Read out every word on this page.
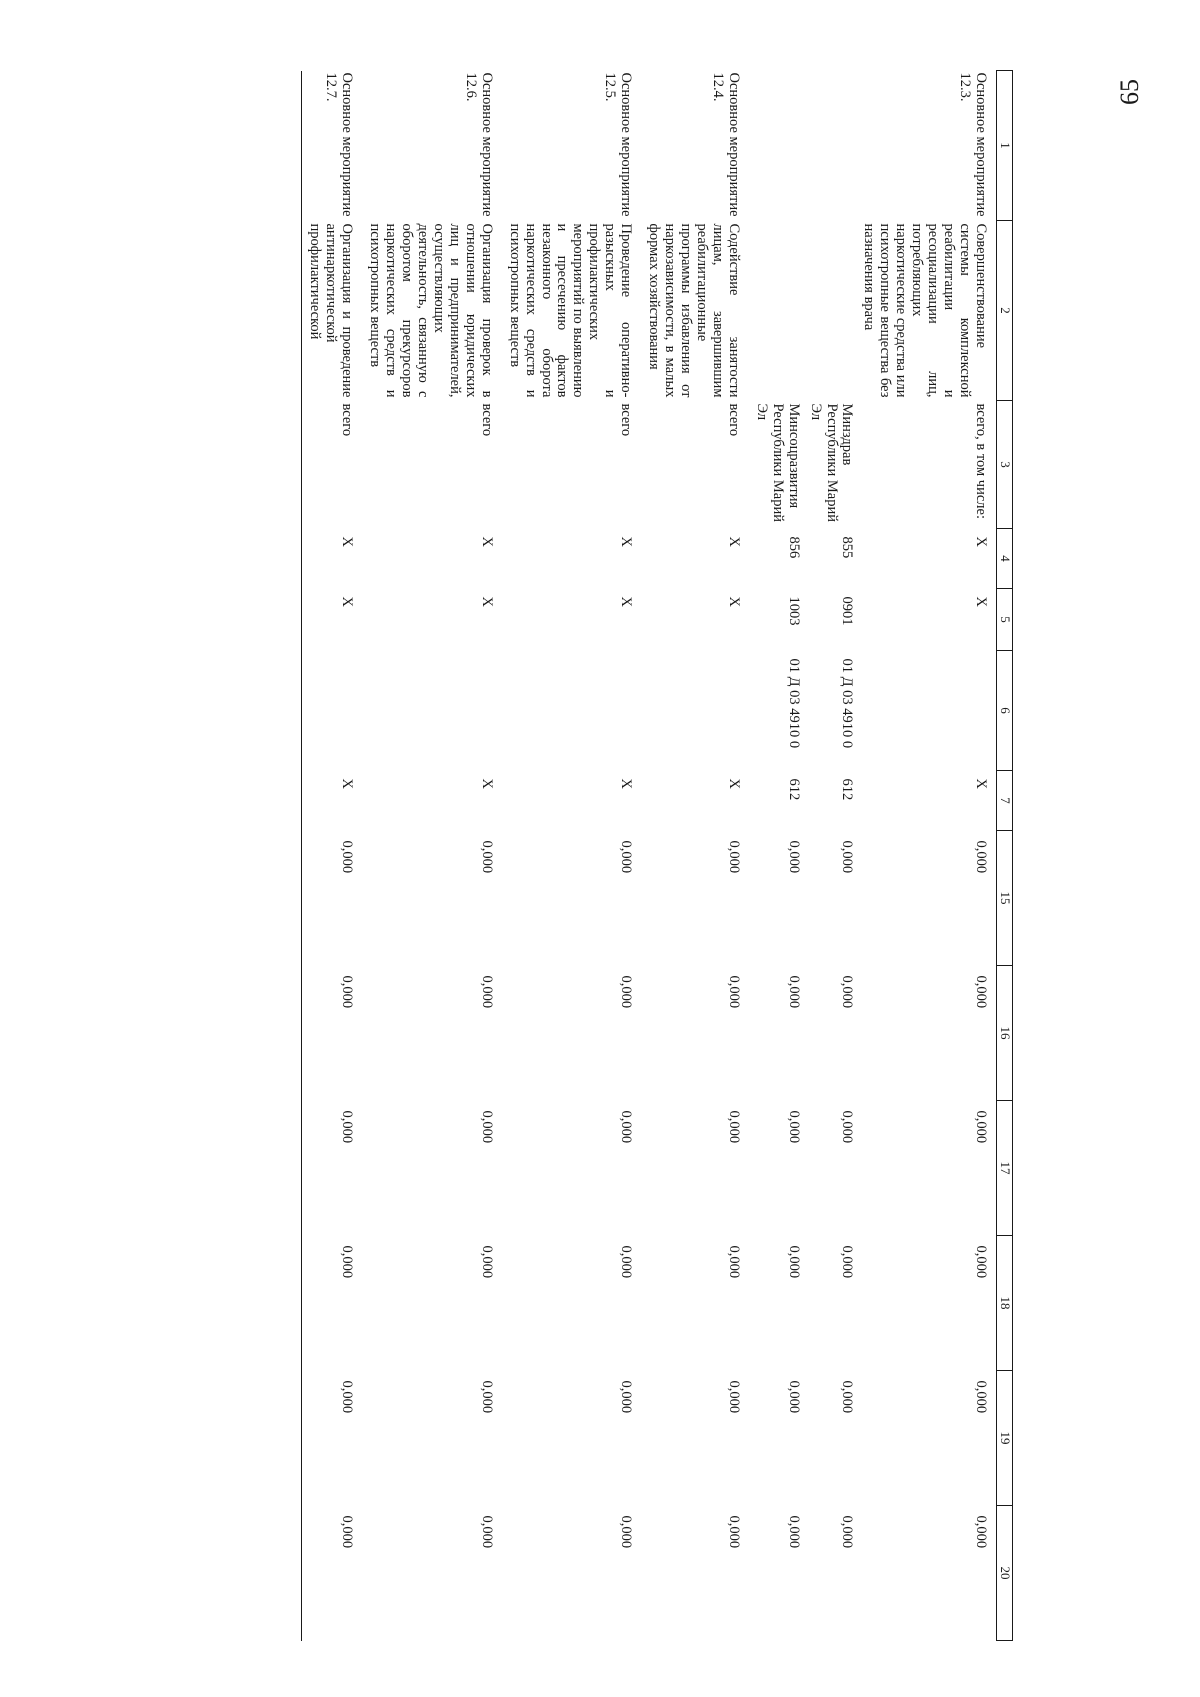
65
1	2	3	4	5	6	7	15	16	17	18	19	20
Основное мероприятие 12.3.	Совершенствование системы комплексной реабилитации и ресоциализации лиц, потребляющих наркотические средства или психотропные вещества без назначения врача	всего, в том числе:	X	X		X	0,000	0,000	0,000	0,000	0,000	0,000
		Минздрав Республики Марий Эл	855	0901	01 Д 03 4910 0	612	0,000	0,000	0,000	0,000	0,000	0,000
		Минсоцразвития Республики Марий Эл	856	1003	01 Д 03 4910 0	612	0,000	0,000	0,000	0,000	0,000	0,000
Основное мероприятие 12.4.	Содействие занятости лицам, завершившим реабилитационные программы избавления от наркозависимости, в малых формах хозяйствования	всего	X	X		X	0,000	0,000	0,000	0,000	0,000	0,000
Основное мероприятие 12.5.	Проведение оперативно-разыскных и профилактических мероприятий по выявлению и пресечению фактов незаконного оборота наркотических средств и психотропных веществ	всего	X	X		X	0,000	0,000	0,000	0,000	0,000	0,000
Основное мероприятие 12.6.	Организация проверок в отношении юридических лиц и предпринимателей, осуществляющих деятельность, связанную с оборотом прекурсоров наркотических средств и психотропных веществ	всего	X	X		X	0,000	0,000	0,000	0,000	0,000	0,000
Основное мероприятие 12.7.	Организация и проведение антинаркотической профилактической	всего	X	X		X	0,000	0,000	0,000	0,000	0,000	0,000
